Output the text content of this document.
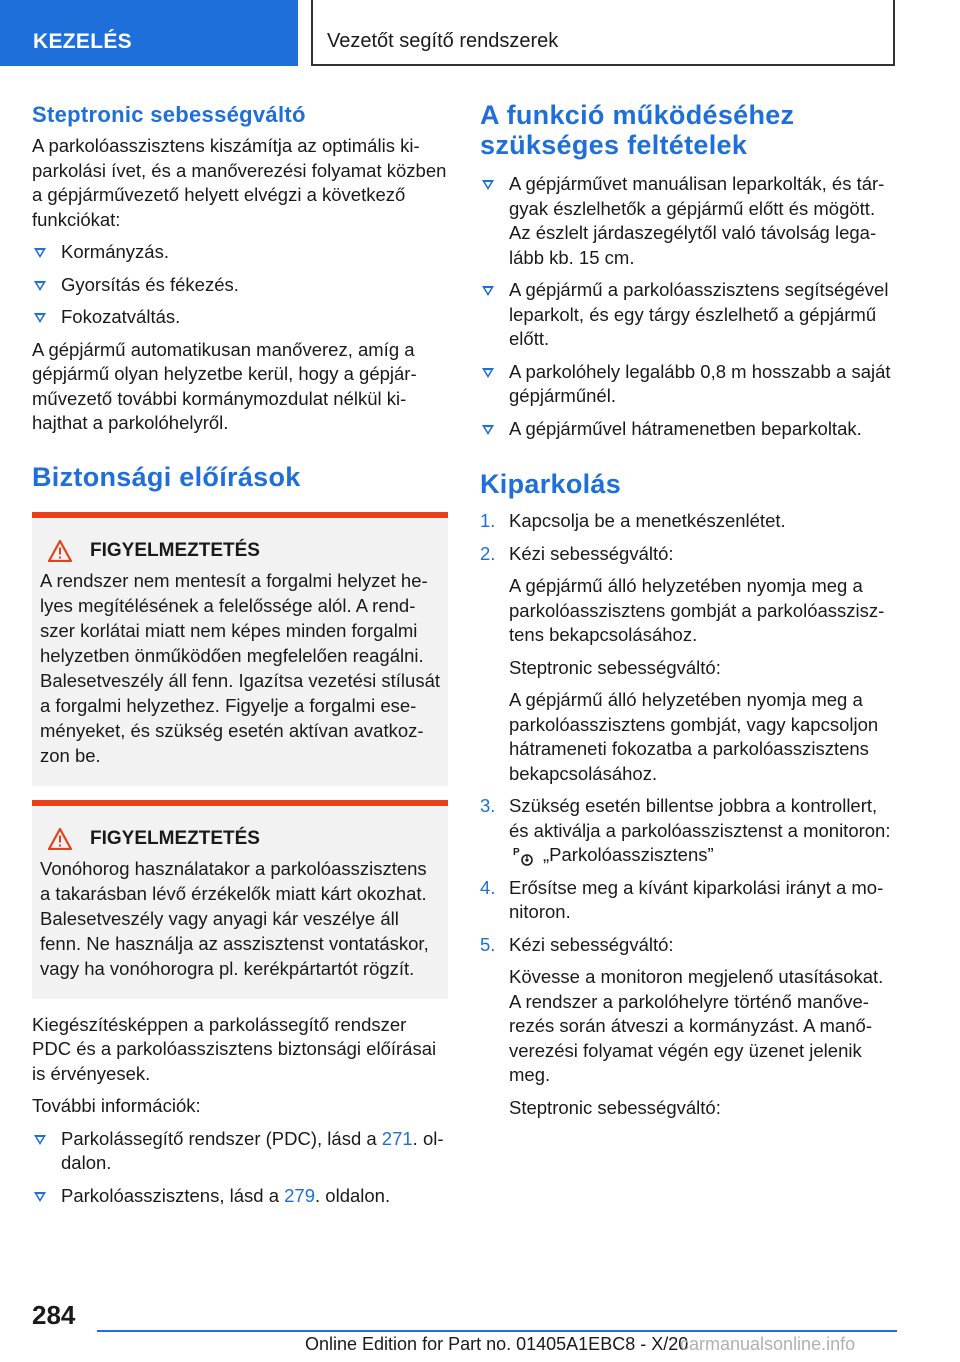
KEZELÉS	Vezetőt segítő rendszerek
Steptronic sebességváltó

A parkolóasszisztens kiszámítja az optimális kiparkolási ívet, és a manőverezési folyamat közben a gépjárművezető helyett elvégzi a következő funkciókat:

Kormányzás.
Gyorsítás és fékezés.
Fokozatváltás.

A gépjármű automatikusan manőverez, amíg a gépjármű olyan helyzetbe kerül, hogy a gépjárművezető további kormánymozdulat nélkül kihajthat a parkolóhelyről.

Biztonsági előírások
FIGYELMEZTETÉS

A rendszer nem mentesít a forgalmi helyzet helyes megítélésének a felelőssége alól. A rendszer korlátai miatt nem képes minden forgalmi helyzetben önműködően megfelelően reagálni. Balesetveszély áll fenn. Igazítsa vezetési stílusát a forgalmi helyzethez. Figyelje a forgalmi eseményeket, és szükség esetén aktívan avatkozzon be.

FIGYELMEZTETÉS

Vonóhorog használatakor a parkolóasszisztens a takarásban lévő érzékelők miatt kárt okozhat. Balesetveszély vagy anyagi kár veszélye áll fenn. Ne használja az asszisztenst vontatáskor, vagy ha vonóhorogra pl. kerékpártartót rögzít.

Kiegészítésképpen a parkolássegítő rendszer PDC és a parkolóasszisztens biztonsági előírásai is érvényesek.

További információk:

Parkolássegítő rendszer (PDC), lásd a 271. oldalon.
Parkolóasszisztens, lásd a 279. oldalon.
A funkció működéséhez szükséges feltételek
A gépjárművet manuálisan leparkolták, és tárgyak észlelhetők a gépjármű előtt és mögött. Az észlelt járdaszegélytől való távolság legalább kb. 15 cm.
A gépjármű a parkolóasszisztens segítségével leparkolt, és egy tárgy észlelhető a gépjármű előtt.
A parkolóhely legalább 0,8 m hosszabb a saját gépjárműnél.
A gépjárművel hátramenetben beparkoltak.
Kiparkolás
1. Kapcsolja be a menetkészenlétet.
2. Kézi sebességváltó:
A gépjármű álló helyzetében nyomja meg a parkolóasszisztens gombját a parkolóasszisztens bekapcsolásához.
Steptronic sebességváltó:
A gépjármű álló helyzetében nyomja meg a parkolóasszisztens gombját, vagy kapcsoljon hátrameneti fokozatba a parkolóasszisztens bekapcsolásához.
3. Szükség esetén billentse jobbra a kontrollert, és aktiválja a parkolóasszisztenst a monitoron:
P „Parkolóasszisztens”
4. Erősítse meg a kívánt kiparkolási irányt a monitoron.
5. Kézi sebességváltó:
Kövesse a monitoron megjelenő utasításokat. A rendszer a parkolóhelyre történő manőverezés során átveszi a kormányzást. A manőverezési folyamat végén egy üzenet jelenik meg.
Steptronic sebességváltó:
284
Online Edition for Part no. 01405A1EBC8 - X/20
carmanualsonline.info
